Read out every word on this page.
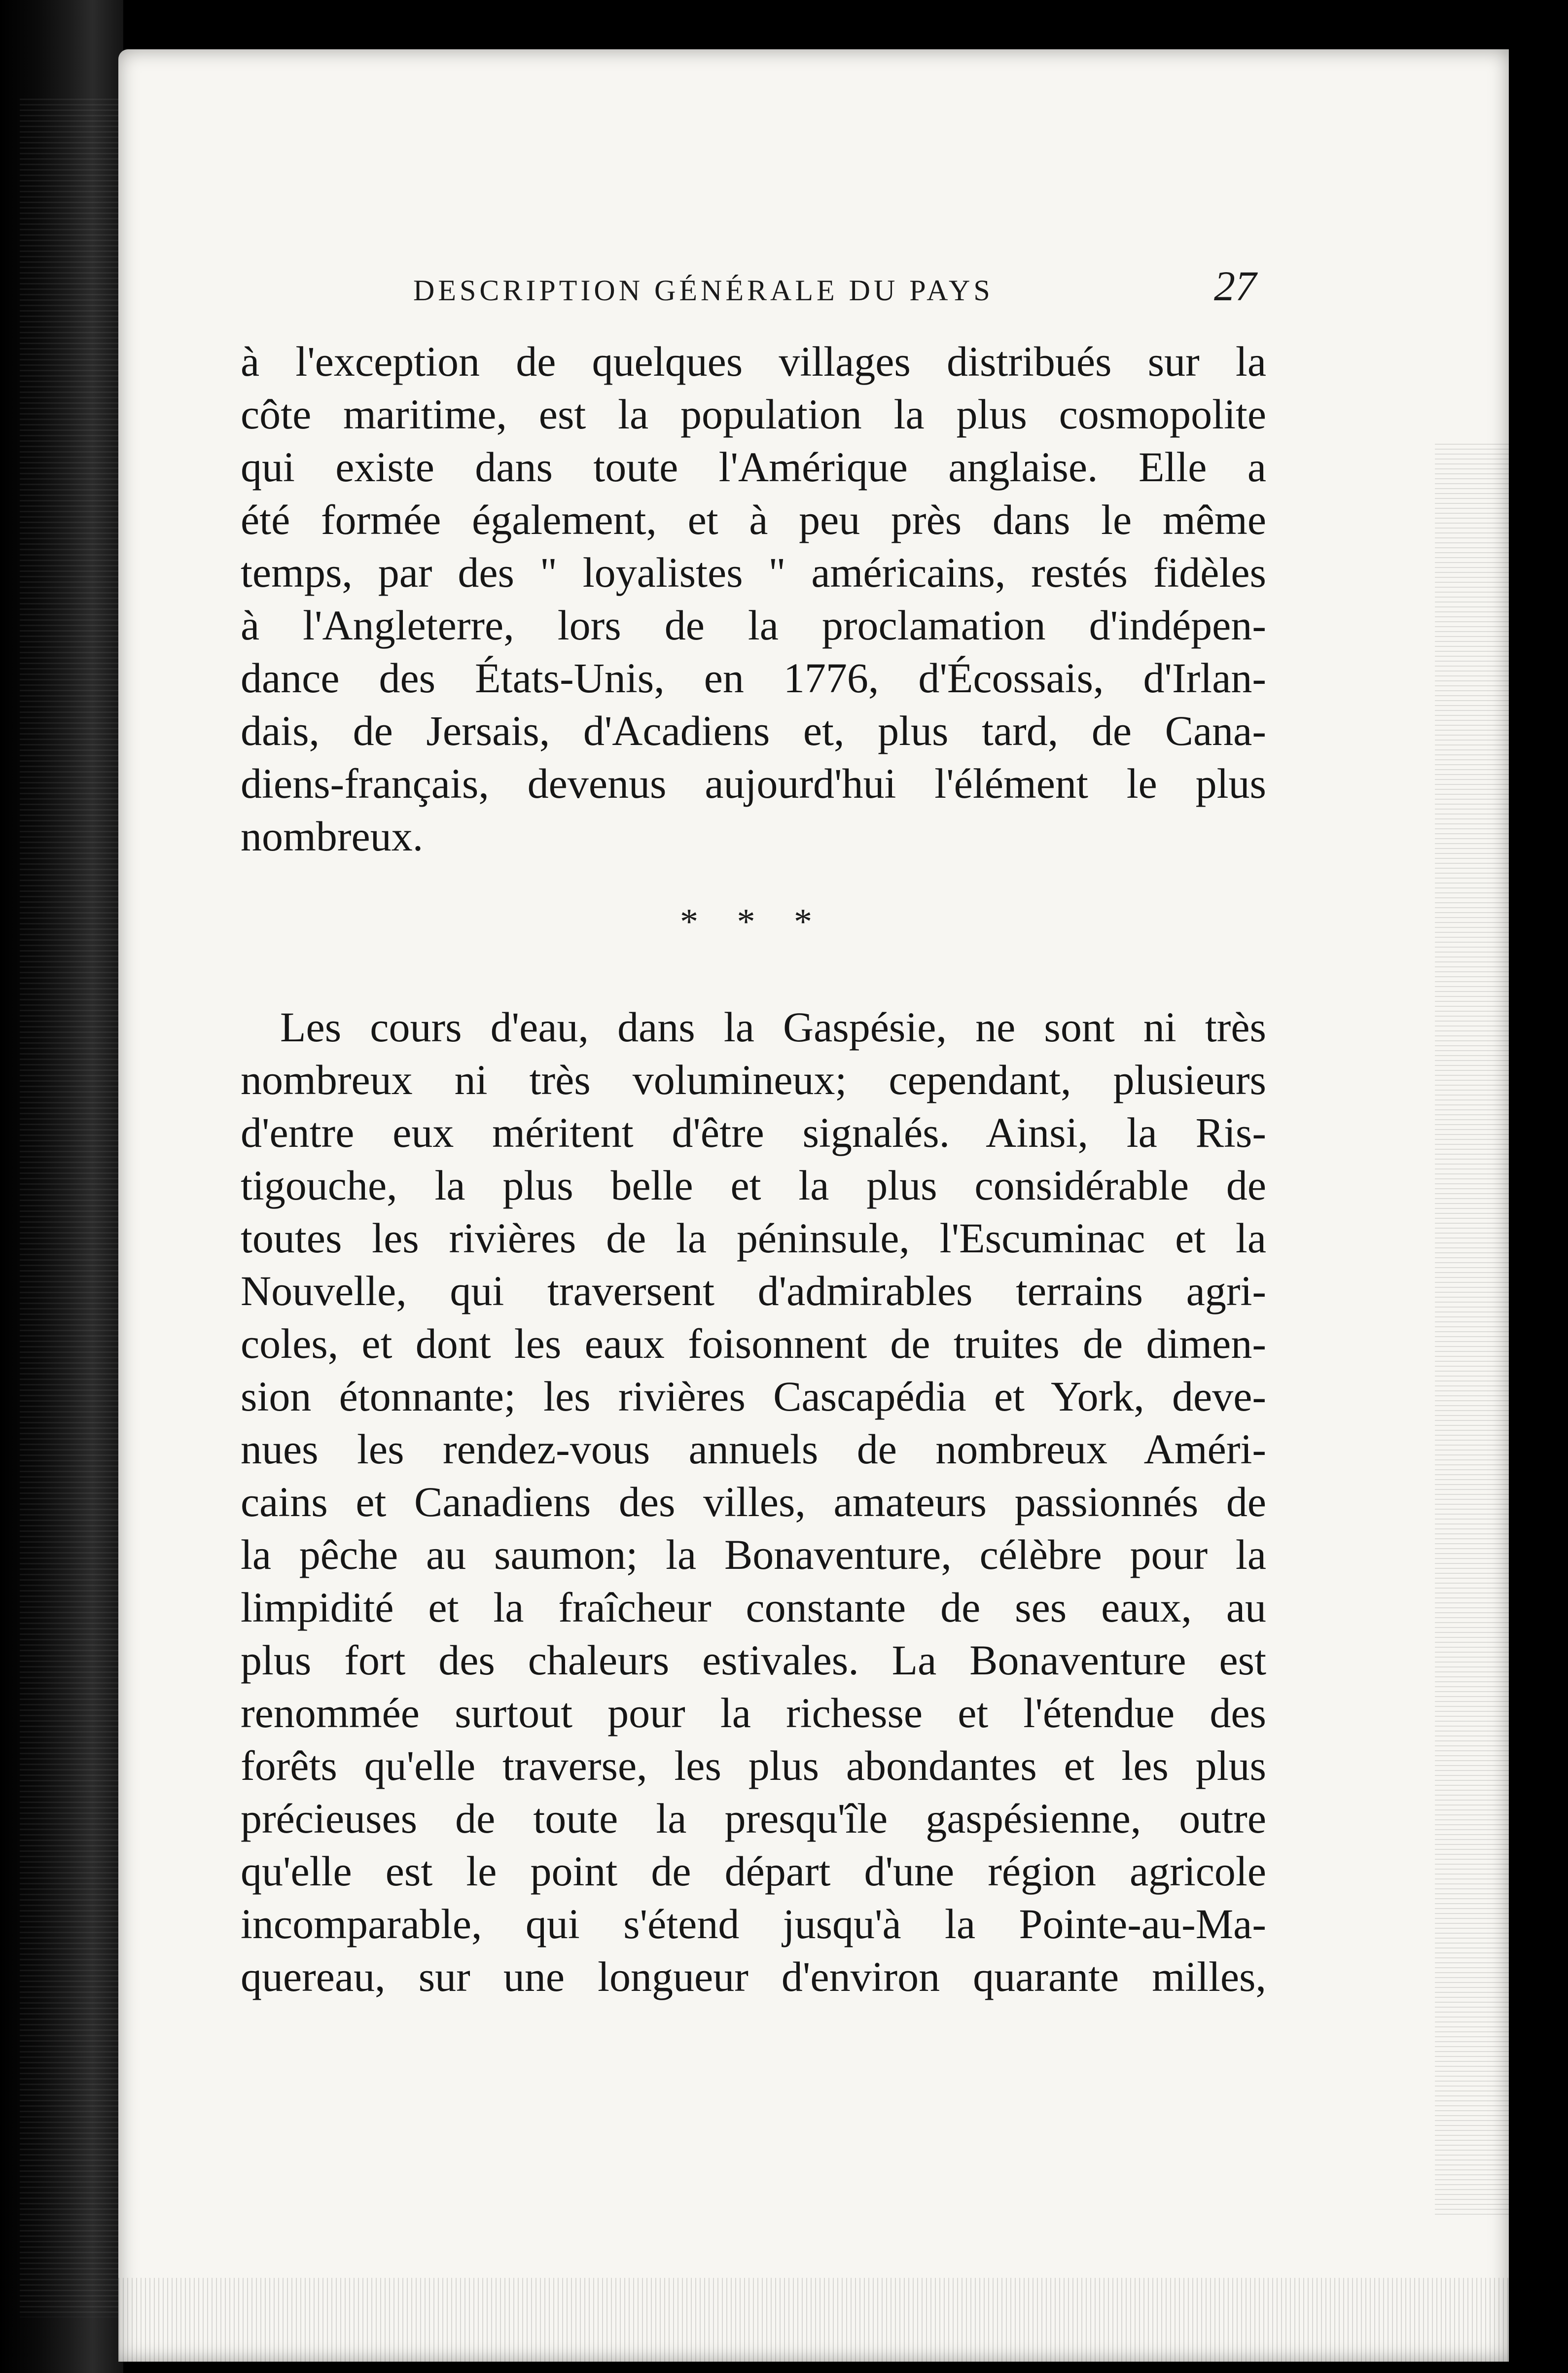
DESCRIPTION GÉNÉRALE DU PAYS	27
à l'exception de quelques villages distribués sur la
côte maritime, est la population la plus cosmopolite
qui existe dans toute l'Amérique anglaise. Elle a
été formée également, et à peu près dans le même
temps, par des " loyalistes " américains, restés fidèles
à l'Angleterre, lors de la proclamation d'indépen-
dance des États-Unis, en 1776, d'Écossais, d'Irlan-
dais, de Jersais, d'Acadiens et, plus tard, de Cana-
diens-français, devenus aujourd'hui l'élément le plus
nombreux.
* * *
Les cours d'eau, dans la Gaspésie, ne sont ni très
nombreux ni très volumineux; cependant, plusieurs
d'entre eux méritent d'être signalés. Ainsi, la Ris-
tigouche, la plus belle et la plus considérable de
toutes les rivières de la péninsule, l'Escuminac et la
Nouvelle, qui traversent d'admirables terrains agri-
coles, et dont les eaux foisonnent de truites de dimen-
sion étonnante; les rivières Cascapédia et York, deve-
nues les rendez-vous annuels de nombreux Améri-
cains et Canadiens des villes, amateurs passionnés de
la pêche au saumon; la Bonaventure, célèbre pour la
limpidité et la fraîcheur constante de ses eaux, au
plus fort des chaleurs estivales. La Bonaventure est
renommée surtout pour la richesse et l'étendue des
forêts qu'elle traverse, les plus abondantes et les plus
précieuses de toute la presqu'île gaspésienne, outre
qu'elle est le point de départ d'une région agricole
incomparable, qui s'étend jusqu'à la Pointe-au-Ma-
quereau, sur une longueur d'environ quarante milles,
